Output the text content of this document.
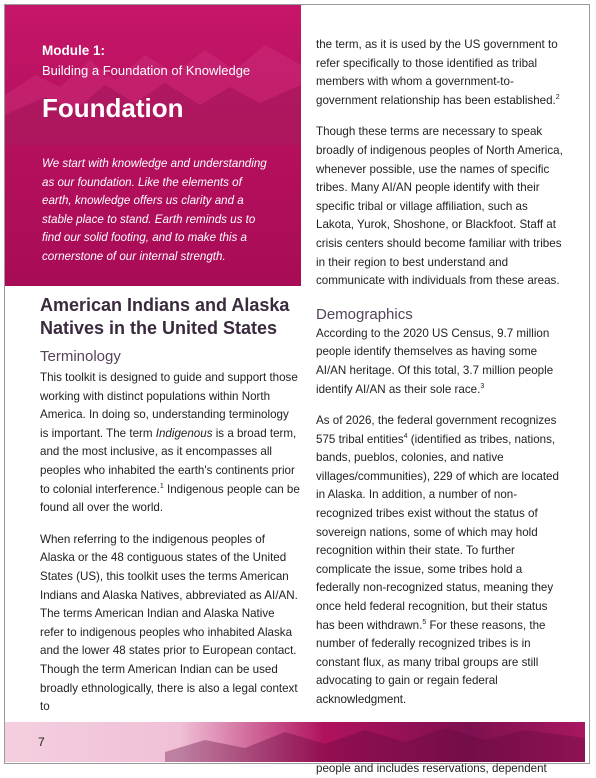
Module 1:
Building a Foundation of Knowledge
Foundation
We start with knowledge and understanding as our foundation. Like the elements of earth, knowledge offers us clarity and a stable place to stand. Earth reminds us to find our solid footing, and to make this a cornerstone of our internal strength.
American Indians and Alaska Natives in the United States
Terminology

This toolkit is designed to guide and support those working with distinct populations within North America. In doing so, understanding terminology is important. The term Indigenous is a broad term, and the most inclusive, as it encompasses all peoples who inhabited the earth's continents prior to colonial interference.$^1$ Indigenous people can be found all over the world.

When referring to the indigenous peoples of Alaska or the 48 contiguous states of the United States (US), this toolkit uses the terms American Indians and Alaska Natives, abbreviated as AI/AN. The terms American Indian and Alaska Native refer to indigenous peoples who inhabited Alaska and the lower 48 states prior to European contact. Though the term American Indian can be used broadly ethnologically, there is also a legal context to

the term, as it is used by the US government to refer specifically to those identified as tribal members with whom a government-to-government relationship has been established.$^2$

Though these terms are necessary to speak broadly of indigenous peoples of North America, whenever possible, use the names of specific tribes. Many AI/AN people identify with their specific tribal or village affiliation, such as Lakota, Yurok, Shoshone, or Blackfoot. Staff at crisis centers should become familiar with tribes in their region to best understand and communicate with individuals from these areas.

Demographics

According to the 2020 US Census, 9.7 million people identify themselves as having some AI/AN heritage. Of this total, 3.7 million people identify AI/AN as their sole race.$^3$

As of 2026, the federal government recognizes 575 tribal entities$^4$ (identified as tribes, nations, bands, pueblos, colonies, and native villages/communities), 229 of which are located in Alaska. In addition, a number of non-recognized tribes exist without the status of sovereign nations, some of which may hold recognition within their state. To further complicate the issue, some tribes hold a federally non-recognized status, meaning they once held federal recognition, but their status has been withdrawn.$^5$ For these reasons, the number of federally recognized tribes is in constant flux, as many tribal groups are still advocating to gain or regain federal acknowledgment.

people and includes reservations, dependent

7
